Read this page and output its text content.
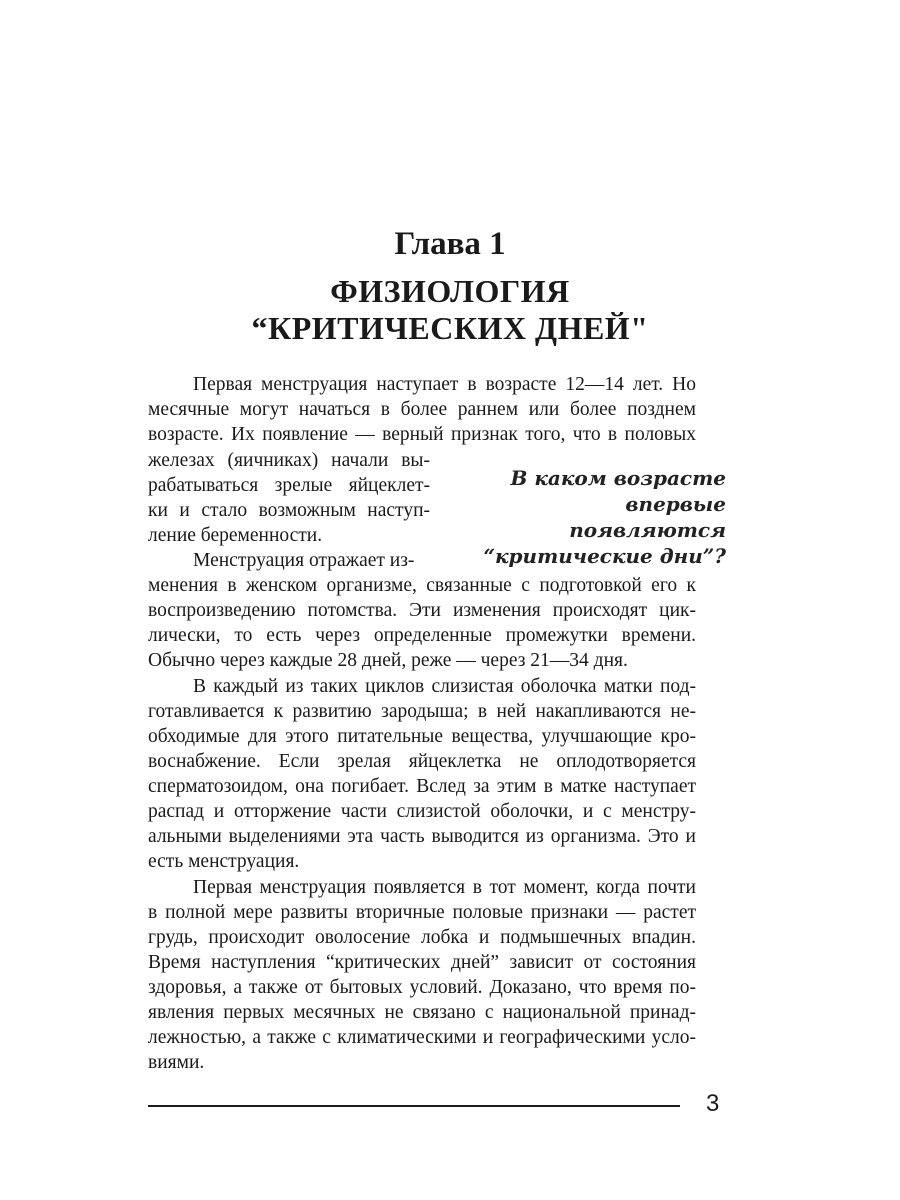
Глава 1
ФИЗИОЛОГИЯ
“КРИТИЧЕСКИХ ДНЕЙ"

Первая менструация наступает в возрасте 12—14 лет. Но

месячные могут начаться в более раннем или более позднем

возрасте. Их появление — верный признак того, что в половых

железах (яичниках) начали вы-

рабатываться зрелые яйцеклет-

ки и стало возможным наступ-

ление беременности.

Менструация отражает из-

менения в женском организме, связанные с подготовкой его к

воспроизведению потомства. Эти изменения происходят цик-

лически, то есть через определенные промежутки времени.

Обычно через каждые 28 дней, реже — через 21—34 дня.

В каждый из таких циклов слизистая оболочка матки под-

готавливается к развитию зародыша; в ней накапливаются не-

обходимые для этого питательные вещества, улучшающие кро-

воснабжение. Если зрелая яйцеклетка не оплодотворяется

сперматозоидом, она погибает. Вслед за этим в матке наступает

распад и отторжение части слизистой оболочки, и с менстру-

альными выделениями эта часть выводится из организма. Это и

есть менструация.

Первая менструация появляется в тот момент, когда почти

в полной мере развиты вторичные половые признаки — растет

грудь, происходит оволосение лобка и подмышечных впадин.

Время наступления “критических дней” зависит от состояния

здоровья, а также от бытовых условий. Доказано, что время по-

явления первых месячных не связано с национальной принад-

лежностью, а также с климатическими и географическими усло-

виями.

В каком возрасте
впервые появляются
“критические дни”?
3
